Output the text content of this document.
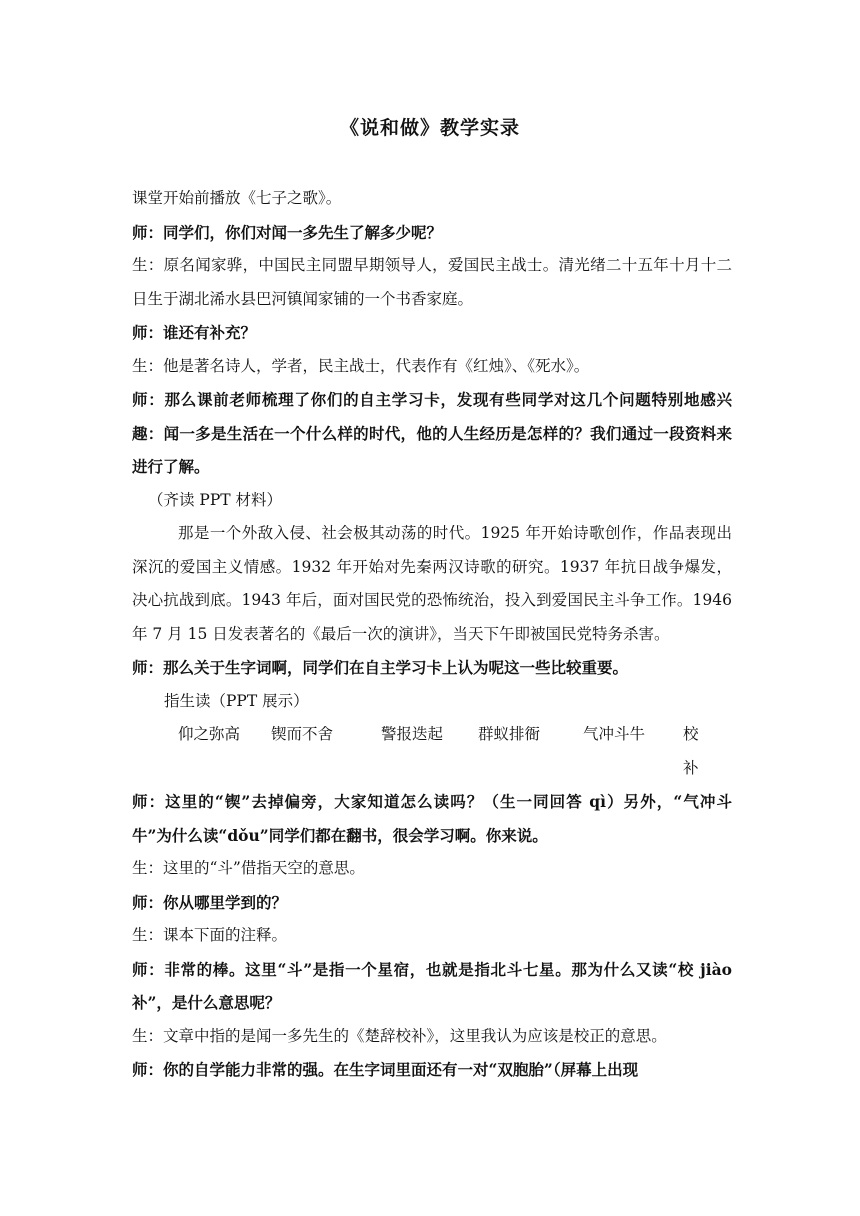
《说和做》教学实录

课堂开始前播放《七子之歌》。

师：同学们，你们对闻一多先生了解多少呢？

生：原名闻家骅，中国民主同盟早期领导人，爱国民主战士。清光绪二十五年十月十二日生于湖北浠水县巴河镇闻家铺的一个书香家庭。

师：谁还有补充？

生：他是著名诗人，学者，民主战士，代表作有《红烛》、《死水》。

师：那么课前老师梳理了你们的自主学习卡，发现有些同学对这几个问题特别地感兴趣：闻一多是生活在一个什么样的时代，他的人生经历是怎样的？我们通过一段资料来进行了解。

（齐读 PPT 材料）

那是一个外敌入侵、社会极其动荡的时代。1925 年开始诗歌创作，作品表现出深沉的爱国主义情感。1932 年开始对先秦两汉诗歌的研究。1937 年抗日战争爆发，决心抗战到底。1943 年后，面对国民党的恐怖统治，投入到爱国民主斗争工作。1946 年 7 月 15 日发表著名的《最后一次的演讲》，当天下午即被国民党特务杀害。

师：那么关于生字词啊，同学们在自主学习卡上认为呢这一些比较重要。

指生读（PPT 展示）

仰之弥高	锲而不舍	警报迭起	群蚁排衙	气冲斗牛	校　补

师：这里的“锲”去掉偏旁，大家知道怎么读吗？（生一同回答 qì）另外，“气冲斗牛”为什么读“dǒu”同学们都在翻书，很会学习啊。你来说。

生：这里的“斗”借指天空的意思。

师：你从哪里学到的？

生：课本下面的注释。

师：非常的棒。这里“斗”是指一个星宿，也就是指北斗七星。那为什么又读“校 jiào 补”，是什么意思呢？

生：文章中指的是闻一多先生的《楚辞校补》，这里我认为应该是校正的意思。

师：你的自学能力非常的强。在生字词里面还有一对“双胞胎”（屏幕上出现
